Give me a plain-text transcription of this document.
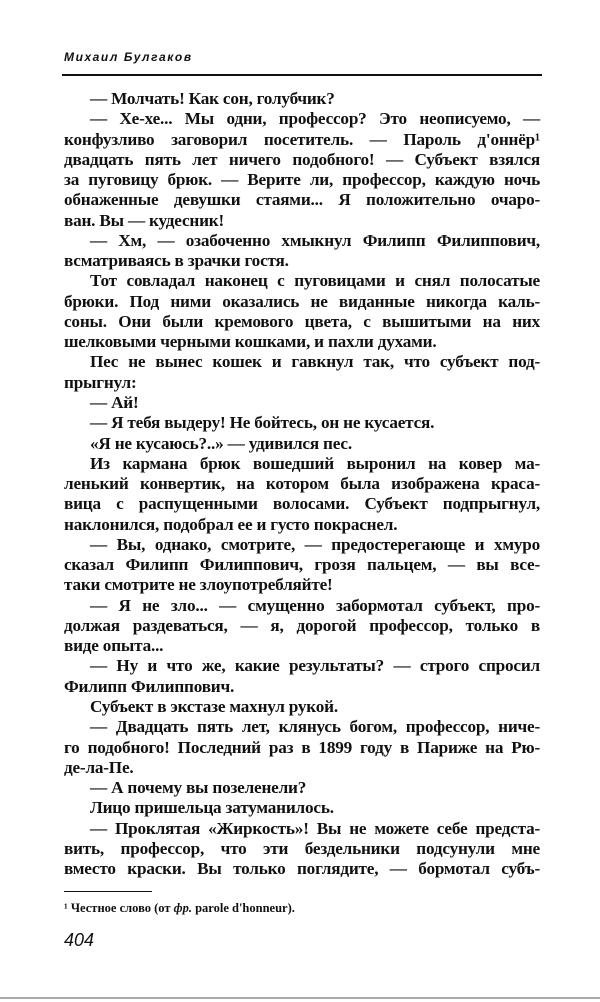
Михаил Булгаков
— Молчать! Как сон, голубчик?
— Хе-хе... Мы одни, профессор? Это неописуемо, —
конфузливо заговорил посетитель. — Пароль д'оннёр¹
двадцать пять лет ничего подобного! — Субъект взялся
за пуговицу брюк. — Верите ли, профессор, каждую ночь
обнаженные девушки стаями... Я положительно очаро-
ван. Вы — кудесник!
— Хм, — озабоченно хмыкнул Филипп Филиппович,
всматриваясь в зрачки гостя.
Тот совладал наконец с пуговицами и снял полосатые
брюки. Под ними оказались не виданные никогда каль-
соны. Они были кремового цвета, с вышитыми на них
шелковыми черными кошками, и пахли духами.
Пес не вынес кошек и гавкнул так, что субъект под-
прыгнул:
— Ай!
— Я тебя выдеру! Не бойтесь, он не кусается.
«Я не кусаюсь?..» — удивился пес.
Из кармана брюк вошедший выронил на ковер ма-
ленький конвертик, на котором была изображена краса-
вица с распущенными волосами. Субъект подпрыгнул,
наклонился, подобрал ее и густо покраснел.
— Вы, однако, смотрите, — предостерегающе и хмуро
сказал Филипп Филиппович, грозя пальцем, — вы все-
таки смотрите не злоупотребляйте!
— Я не зло... — смущенно забормотал субъект, про-
должая раздеваться, — я, дорогой профессор, только в
виде опыта...
— Ну и что же, какие результаты? — строго спросил
Филипп Филиппович.
Субъект в экстазе махнул рукой.
— Двадцать пять лет, клянусь богом, профессор, ниче-
го подобного! Последний раз в 1899 году в Париже на Рю-
де-ла-Пе.
— А почему вы позеленели?
Лицо пришельца затуманилось.
— Проклятая «Жиркость»! Вы не можете себе предста-
вить, профессор, что эти бездельники подсунули мне
вместо краски. Вы только поглядите, — бормотал субъ-
¹ Честное слово (от фр. parole d'honneur).
404
